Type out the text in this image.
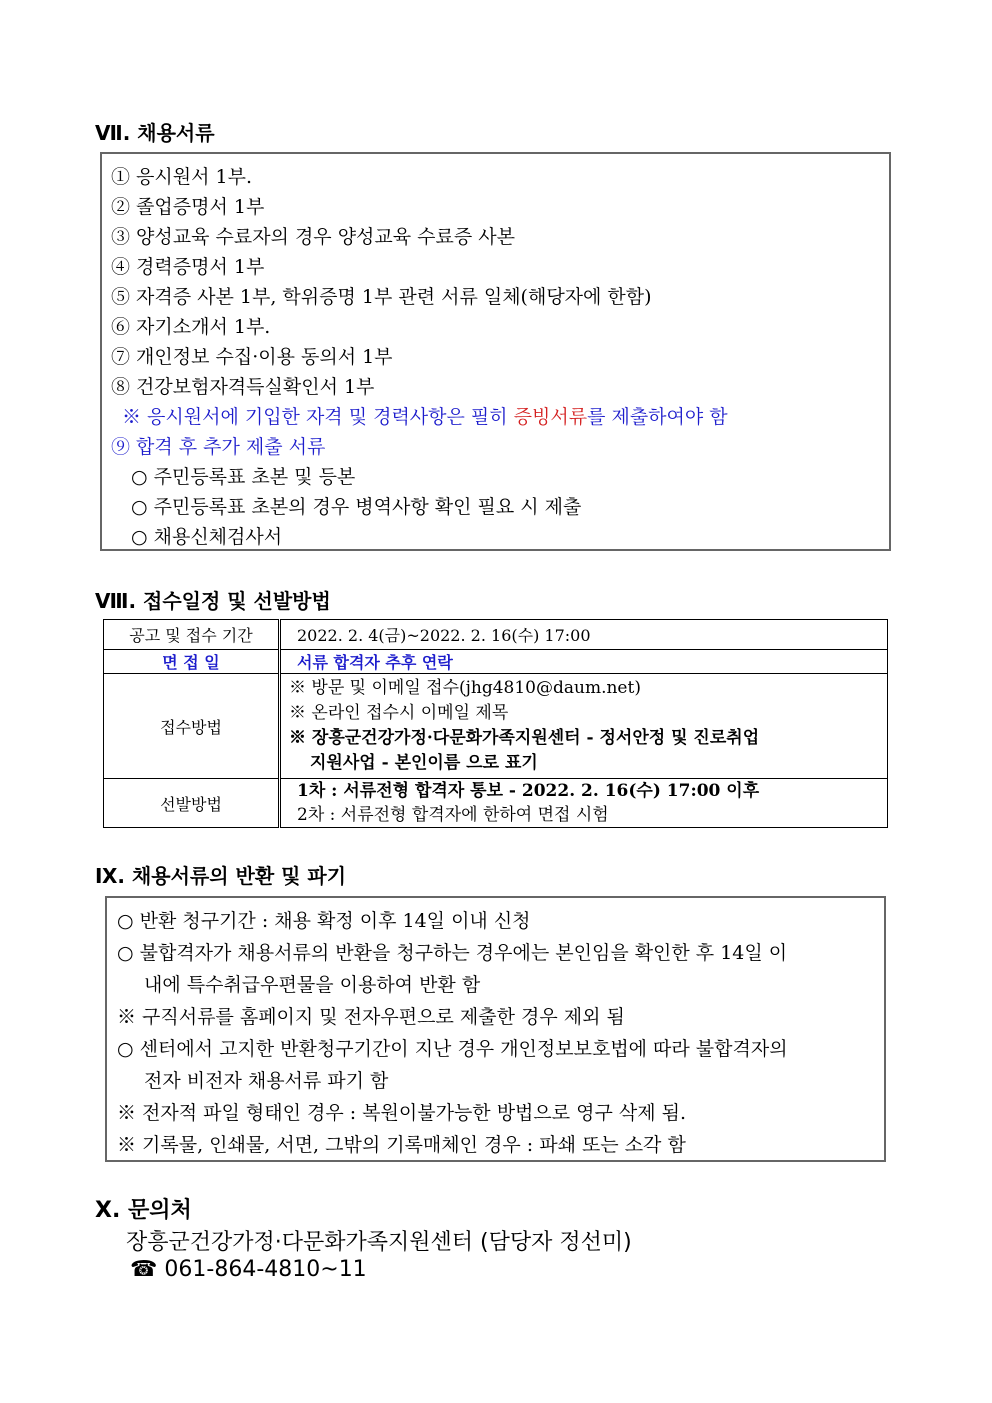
Ⅶ. 채용서류
① 응시원서 1부.
② 졸업증명서 1부
③ 양성교육 수료자의 경우 양성교육 수료증 사본
④ 경력증명서 1부
⑤ 자격증 사본 1부, 학위증명 1부 관련 서류 일체(해당자에 한함)
⑥ 자기소개서 1부.
⑦ 개인정보 수집·이용 동의서 1부
⑧ 건강보험자격득실확인서 1부
※ 응시원서에 기입한 자격 및 경력사항은 필히 증빙서류를 제출하여야 함
⑨ 합격 후 추가 제출 서류
○ 주민등록표 초본 및 등본
○ 주민등록표 초본의 경우 병역사항 확인 필요 시 제출
○ 채용신체검사서
Ⅷ. 접수일정 및 선발방법
공고 및 접수 기간	2022. 2. 4(금)~2022. 2. 16(수) 17:00
면 접 일	서류 합격자 추후 연락
접수방법	※ 방문 및 이메일 접수(jhg4810@daum.net)
※ 온라인 접수시 이메일 제목
※ 장흥군건강가정·다문화가족지원센터 - 정서안정 및 진로취업
지원사업 - 본인이름 으로 표기

선발방법	1차 : 서류전형 합격자 통보 - 2022. 2. 16(수) 17:00 이후
2차 : 서류전형 합격자에 한하여 면접 시험
Ⅸ. 채용서류의 반환 및 파기
○ 반환 청구기간 : 채용 확정 이후 14일 이내 신청
○ 불합격자가 채용서류의 반환을 청구하는 경우에는 본인임을 확인한 후 14일 이
내에 특수취급우편물을 이용하여 반환 함
※ 구직서류를 홈페이지 및 전자우편으로 제출한 경우 제외 됨
○ 센터에서 고지한 반환청구기간이 지난 경우 개인정보보호법에 따라 불합격자의
전자 비전자 채용서류 파기 함
※ 전자적 파일 형태인 경우 : 복원이불가능한 방법으로 영구 삭제 됨.
※ 기록물, 인쇄물, 서면, 그밖의 기록매체인 경우 : 파쇄 또는 소각 함
Ⅹ. 문의처
장흥군건강가정·다문화가족지원센터 (담당자 정선미)
☎ 061-864-4810~11
